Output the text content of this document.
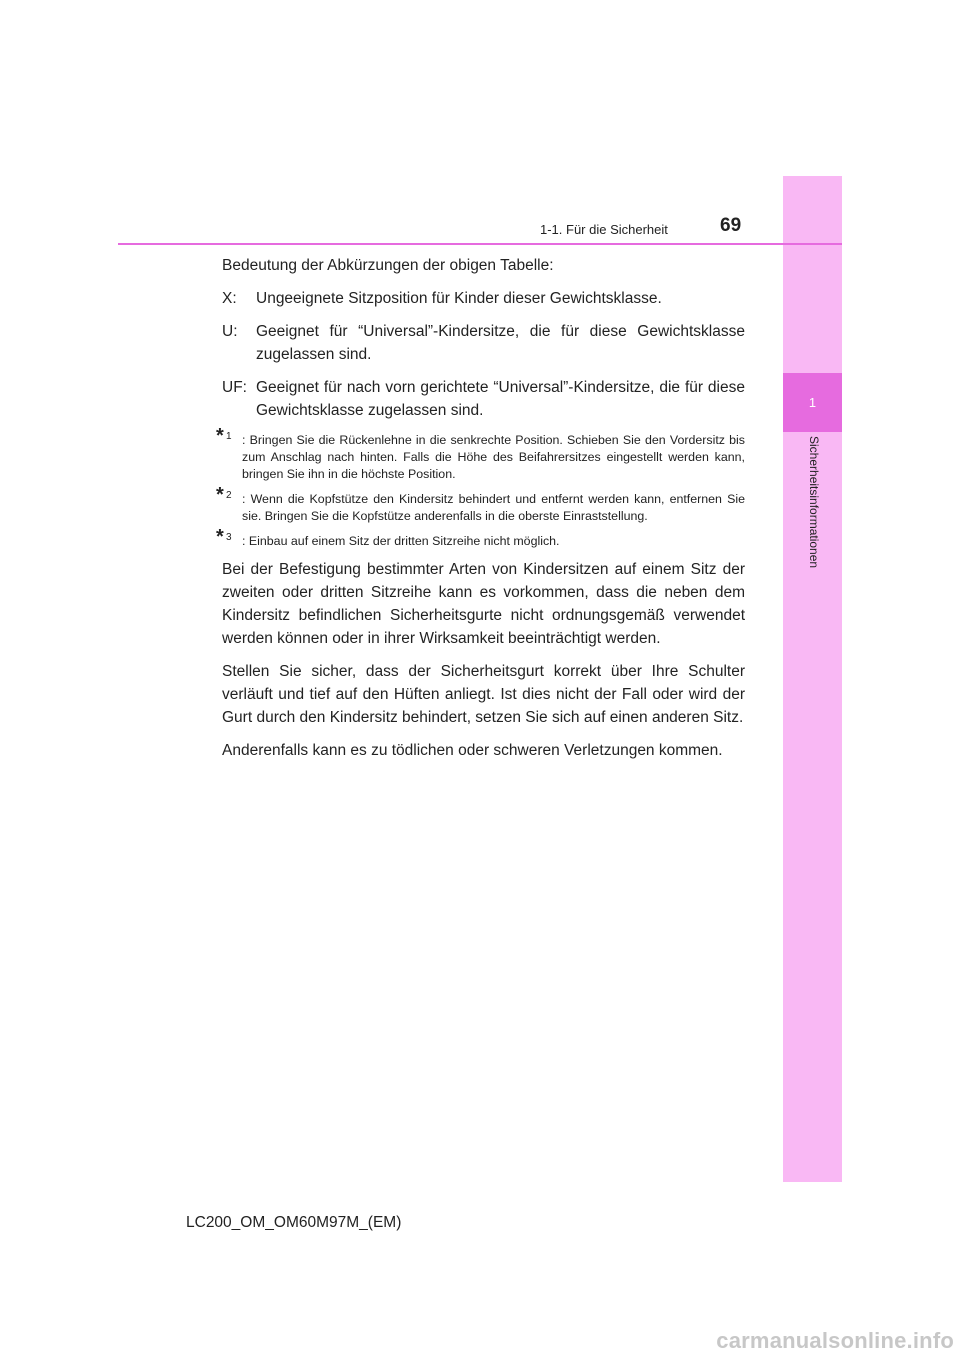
1
Sicherheitsinformationen
1-1. Für die Sicherheit	69

Bedeutung der Abkürzungen der obigen Tabelle:

X:	Ungeeignete Sitzposition für Kinder dieser Gewichtsklasse.
U:	Geeignet für “Universal”-Kindersitze, die für diese Gewichtsklasse zugelassen sind.
UF: Geeignet für nach vorn gerichtete “Universal”-Kindersitze, die für diese Gewichtsklasse zugelassen sind.
* 1 : Bringen Sie die Rückenlehne in die senkrechte Position. Schieben Sie den Vordersitz bis zum Anschlag nach hinten. Falls die Höhe des Beifahrersitzes eingestellt werden kann, bringen Sie ihn in die höchste Position.
* 2 : Wenn die Kopfstütze den Kindersitz behindert und entfernt werden kann, entfernen Sie sie. Bringen Sie die Kopfstütze anderenfalls in die oberste Einraststellung.
* 3 : Einbau auf einem Sitz der dritten Sitzreihe nicht möglich.

Bei der Befestigung bestimmter Arten von Kindersitzen auf einem Sitz der zweiten oder dritten Sitzreihe kann es vorkommen, dass die neben dem Kindersitz befindlichen Sicherheitsgurte nicht ordnungsgemäß verwendet werden können oder in ihrer Wirksamkeit beeinträchtigt werden.

Stellen Sie sicher, dass der Sicherheitsgurt korrekt über Ihre Schulter verläuft und tief auf den Hüften anliegt. Ist dies nicht der Fall oder wird der Gurt durch den Kindersitz behindert, setzen Sie sich auf einen anderen Sitz.

Anderenfalls kann es zu tödlichen oder schweren Verletzungen kommen.

LC200_OM_OM60M97M_(EM)
carmanualsonline.info
